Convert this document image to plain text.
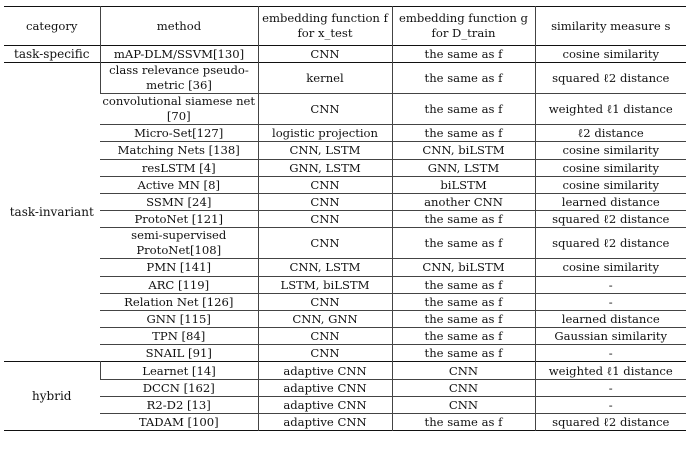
category	method	embedding function f for x_test	embedding function g for D_train	similarity measure s
task-specific	mAP-DLM/SSVM[130]	CNN	the same as f	cosine similarity
task-invariant	class relevance pseudo-metric [36]	kernel	the same as f	squared ℓ2 distance
	convolutional siamese net [70]	CNN	the same as f	weighted ℓ1 distance
	Micro-Set[127]	logistic projection	the same as f	ℓ2 distance
	Matching Nets [138]	CNN, LSTM	CNN, biLSTM	cosine similarity
	resLSTM [4]	GNN, LSTM	GNN, LSTM	cosine similarity
	Active MN [8]	CNN	biLSTM	cosine similarity
	SSMN [24]	CNN	another CNN	learned distance
	ProtoNet [121]	CNN	the same as f	squared ℓ2 distance
	semi-supervised ProtoNet[108]	CNN	the same as f	squared ℓ2 distance
	PMN [141]	CNN, LSTM	CNN, biLSTM	cosine similarity
	ARC [119]	LSTM, biLSTM	the same as f	-
	Relation Net [126]	CNN	the same as f	-
	GNN [115]	CNN, GNN	the same as f	learned distance
	TPN [84]	CNN	the same as f	Gaussian similarity
	SNAIL [91]	CNN	the same as f	-
hybrid	Learnet [14]	adaptive CNN	CNN	weighted ℓ1 distance
	DCCN [162]	adaptive CNN	CNN	-
	R2-D2 [13]	adaptive CNN	CNN	-
	TADAM [100]	adaptive CNN	the same as f	squared ℓ2 distance
